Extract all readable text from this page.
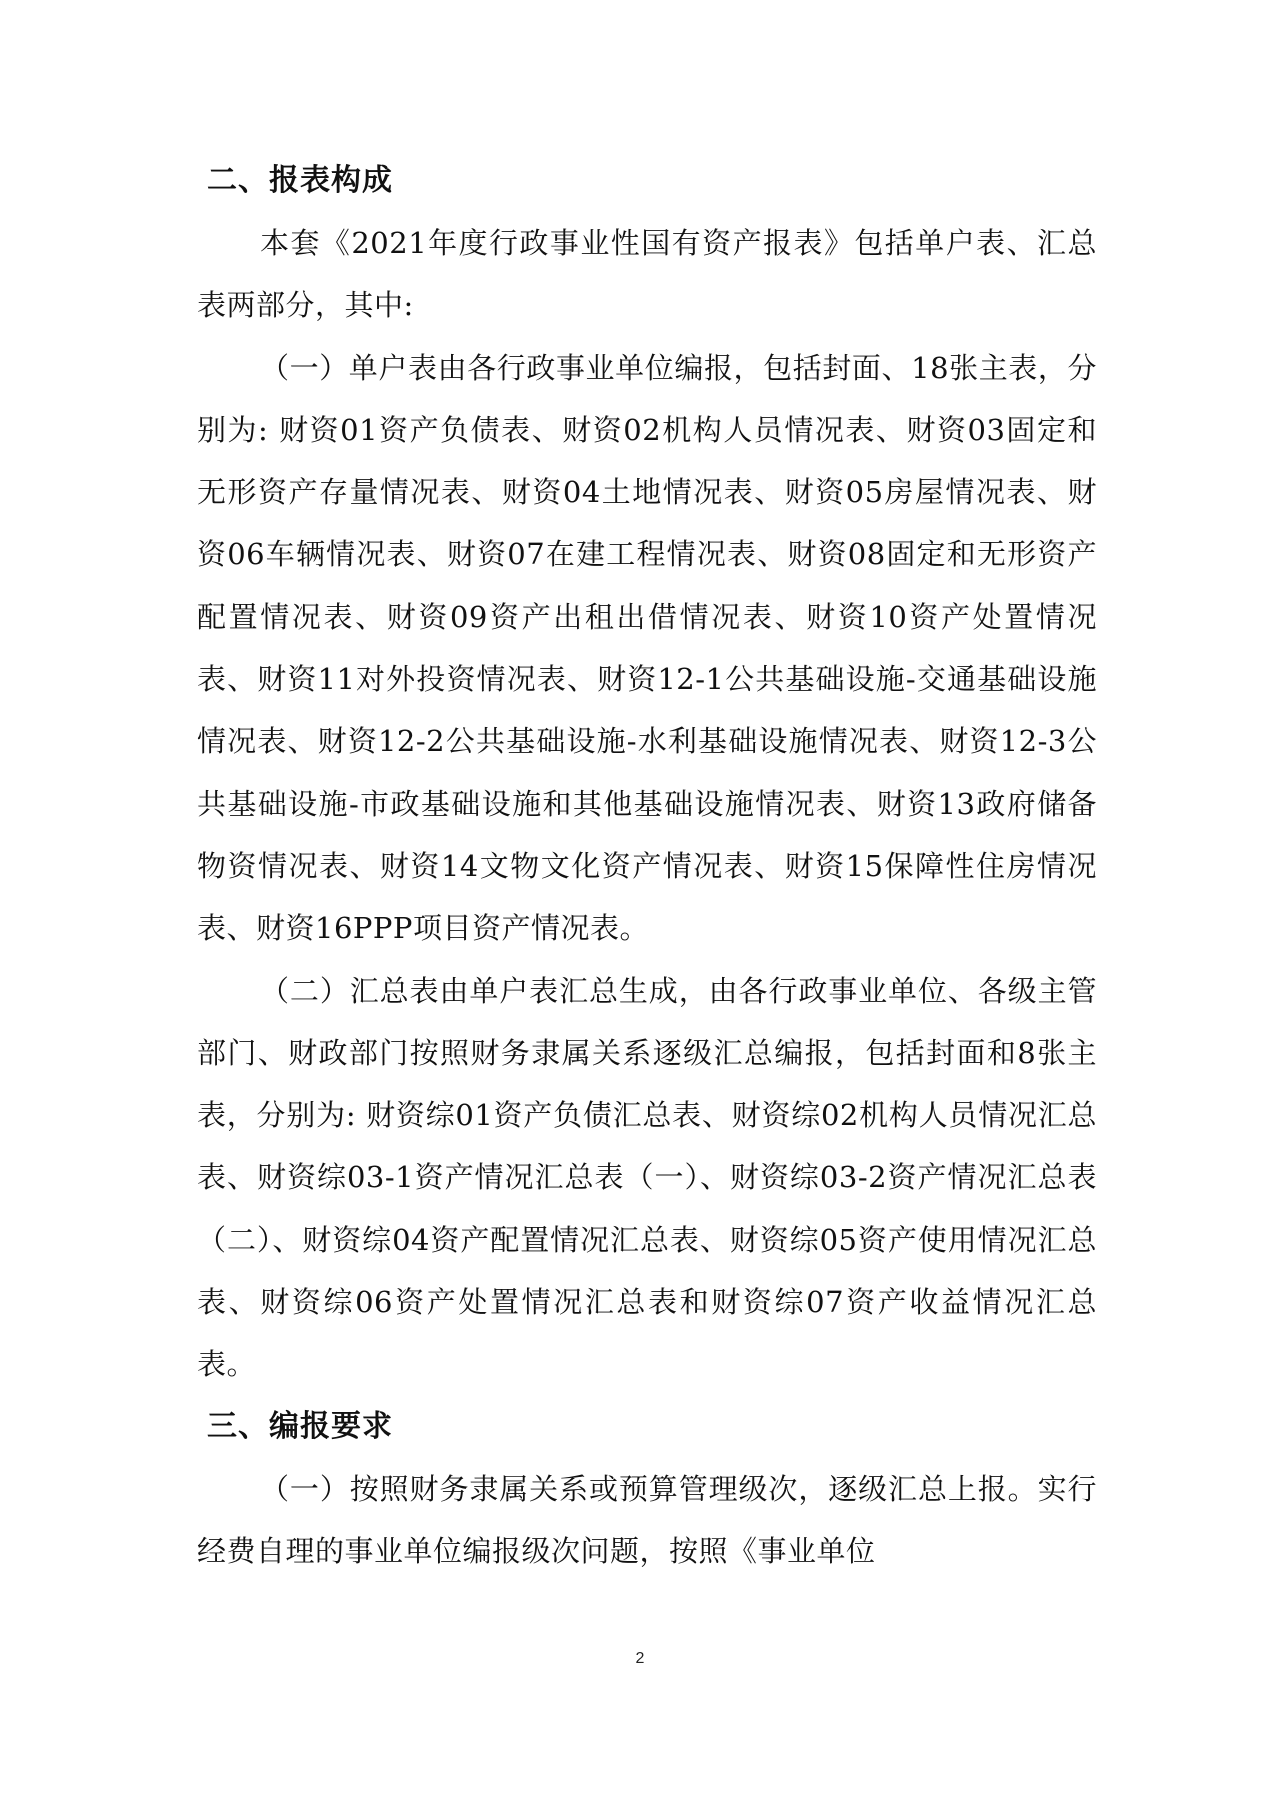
二、报表构成

本套《2021年度行政事业性国有资产报表》包括单户表、汇总表两部分，其中:

（一）单户表由各行政事业单位编报，包括封面、18张主表，分别为: 财资01资产负债表、财资02机构人员情况表、财资03固定和无形资产存量情况表、财资04土地情况表、财资05房屋情况表、财资06车辆情况表、财资07在建工程情况表、财资08固定和无形资产配置情况表、财资09资产出租出借情况表、财资10资产处置情况表、财资11对外投资情况表、财资12-1公共基础设施-交通基础设施情况表、财资12-2公共基础设施-水利基础设施情况表、财资12-3公共基础设施-市政基础设施和其他基础设施情况表、财资13政府储备物资情况表、财资14文物文化资产情况表、财资15保障性住房情况表、财资16PPP项目资产情况表。

（二）汇总表由单户表汇总生成，由各行政事业单位、各级主管部门、财政部门按照财务隶属关系逐级汇总编报，包括封面和8张主表，分别为: 财资综01资产负债汇总表、财资综02机构人员情况汇总表、财资综03-1资产情况汇总表（一）、财资综03-2资产情况汇总表（二）、财资综04资产配置情况汇总表、财资综05资产使用情况汇总表、财资综06资产处置情况汇总表和财资综07资产收益情况汇总表。

三、编报要求

（一）按照财务隶属关系或预算管理级次，逐级汇总上报。实行经费自理的事业单位编报级次问题，按照《事业单位

2
